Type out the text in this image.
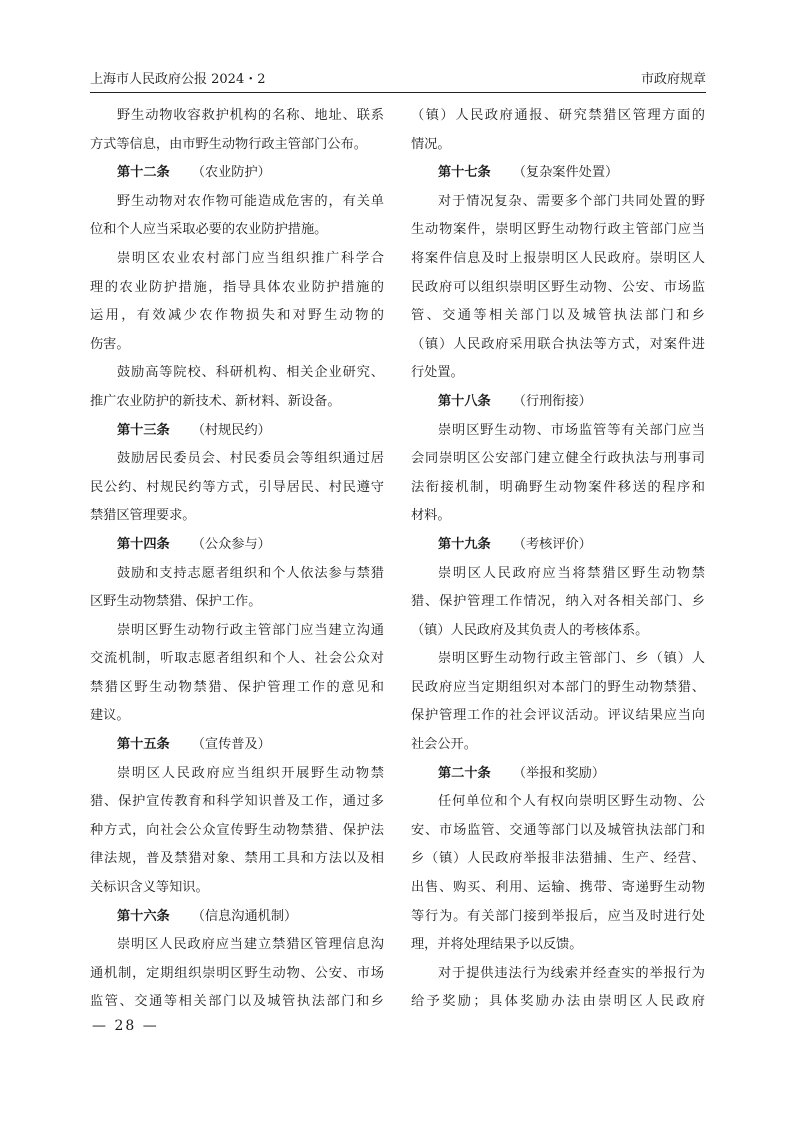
上海市人民政府公报 2024・2	市政府规章
野生动物收容救护机构的名称、地址、联系
方式等信息，由市野生动物行政主管部门公布。
第十二条 （农业防护）
野生动物对农作物可能造成危害的，有关单
位和个人应当采取必要的农业防护措施。
崇明区农业农村部门应当组织推广科学合
理的农业防护措施，指导具体农业防护措施的
运用，有效减少农作物损失和对野生动物的
伤害。
鼓励高等院校、科研机构、相关企业研究、
推广农业防护的新技术、新材料、新设备。
第十三条 （村规民约）
鼓励居民委员会、村民委员会等组织通过居
民公约、村规民约等方式，引导居民、村民遵守
禁猎区管理要求。
第十四条 （公众参与）
鼓励和支持志愿者组织和个人依法参与禁猎
区野生动物禁猎、保护工作。
崇明区野生动物行政主管部门应当建立沟通
交流机制，听取志愿者组织和个人、社会公众对
禁猎区野生动物禁猎、保护管理工作的意见和
建议。
第十五条 （宣传普及）
崇明区人民政府应当组织开展野生动物禁
猎、保护宣传教育和科学知识普及工作，通过多
种方式，向社会公众宣传野生动物禁猎、保护法
律法规，普及禁猎对象、禁用工具和方法以及相
关标识含义等知识。
第十六条 （信息沟通机制）
崇明区人民政府应当建立禁猎区管理信息沟
通机制，定期组织崇明区野生动物、公安、市场
监管、交通等相关部门以及城管执法部门和乡
（镇）人民政府通报、研究禁猎区管理方面的
情况。
第十七条 （复杂案件处置）
对于情况复杂、需要多个部门共同处置的野
生动物案件，崇明区野生动物行政主管部门应当
将案件信息及时上报崇明区人民政府。崇明区人
民政府可以组织崇明区野生动物、公安、市场监
管、交通等相关部门以及城管执法部门和乡
（镇）人民政府采用联合执法等方式，对案件进
行处置。
第十八条 （行刑衔接）
崇明区野生动物、市场监管等有关部门应当
会同崇明区公安部门建立健全行政执法与刑事司
法衔接机制，明确野生动物案件移送的程序和
材料。
第十九条 （考核评价）
崇明区人民政府应当将禁猎区野生动物禁
猎、保护管理工作情况，纳入对各相关部门、乡
（镇）人民政府及其负责人的考核体系。
崇明区野生动物行政主管部门、乡（镇）人
民政府应当定期组织对本部门的野生动物禁猎、
保护管理工作的社会评议活动。评议结果应当向
社会公开。
第二十条 （举报和奖励）
任何单位和个人有权向崇明区野生动物、公
安、市场监管、交通等部门以及城管执法部门和
乡（镇）人民政府举报非法猎捕、生产、经营、
出售、购买、利用、运输、携带、寄递野生动物
等行为。有关部门接到举报后，应当及时进行处
理，并将处理结果予以反馈。
对于提供违法行为线索并经查实的举报行为
给予奖励；具体奖励办法由崇明区人民政府
— 28 —
